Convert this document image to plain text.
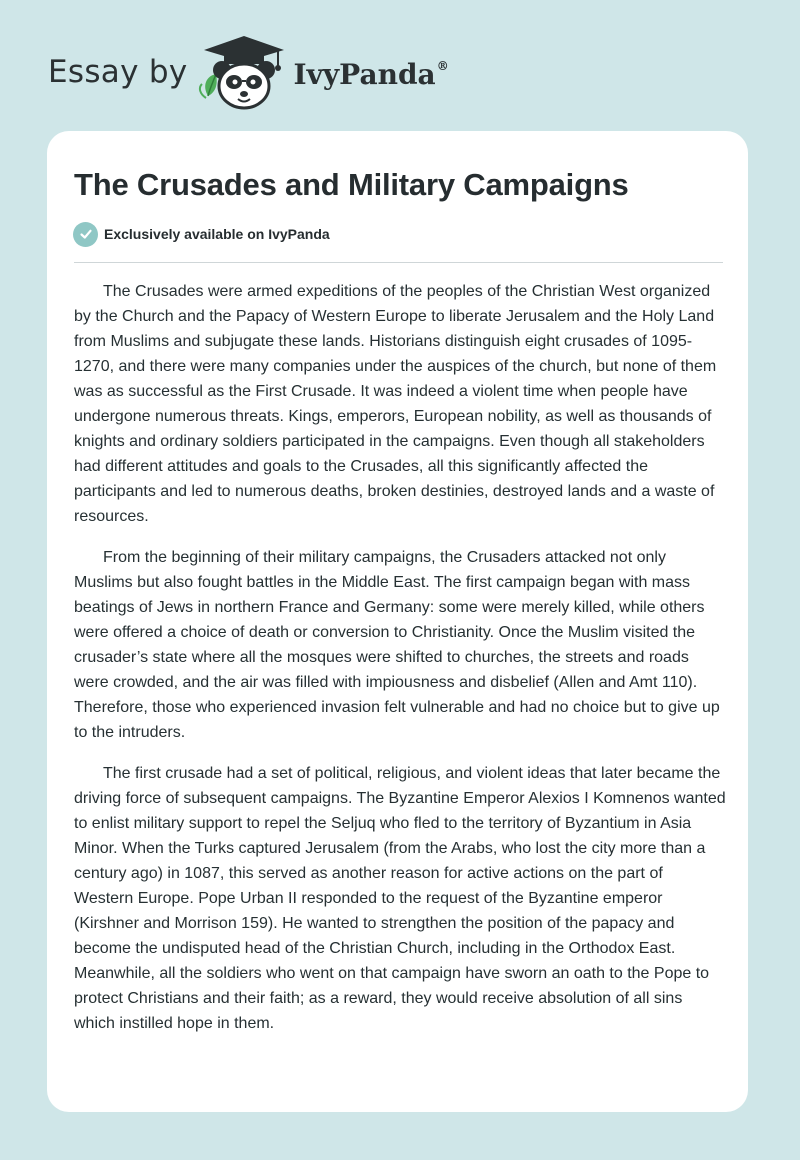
Essay by	IvyPanda®
The Crusades and Military Campaigns
Exclusively available on IvyPanda

The Crusades were armed expeditions of the peoples of the Christian West organized by the Church and the Papacy of Western Europe to liberate Jerusalem and the Holy Land from Muslims and subjugate these lands. Historians distinguish eight crusades of 1095-1270, and there were many companies under the auspices of the church, but none of them was as successful as the First Crusade. It was indeed a violent time when people have undergone numerous threats. Kings, emperors, European nobility, as well as thousands of knights and ordinary soldiers participated in the campaigns. Even though all stakeholders had different attitudes and goals to the Crusades, all this significantly affected the participants and led to numerous deaths, broken destinies, destroyed lands and a waste of resources.

From the beginning of their military campaigns, the Crusaders attacked not only Muslims but also fought battles in the Middle East. The first campaign began with mass beatings of Jews in northern France and Germany: some were merely killed, while others were offered a choice of death or conversion to Christianity. Once the Muslim visited the crusader’s state where all the mosques were shifted to churches, the streets and roads were crowded, and the air was filled with impiousness and disbelief (Allen and Amt 110). Therefore, those who experienced invasion felt vulnerable and had no choice but to give up to the intruders.

The first crusade had a set of political, religious, and violent ideas that later became the driving force of subsequent campaigns. The Byzantine Emperor Alexios I Komnenos wanted to enlist military support to repel the Seljuq who fled to the territory of Byzantium in Asia Minor. When the Turks captured Jerusalem (from the Arabs, who lost the city more than a century ago) in 1087, this served as another reason for active actions on the part of Western Europe. Pope Urban II responded to the request of the Byzantine emperor (Kirshner and Morrison 159). He wanted to strengthen the position of the papacy and become the undisputed head of the Christian Church, including in the Orthodox East. Meanwhile, all the soldiers who went on that campaign have sworn an oath to the Pope to protect Christians and their faith; as a reward, they would receive absolution of all sins which instilled hope in them.
